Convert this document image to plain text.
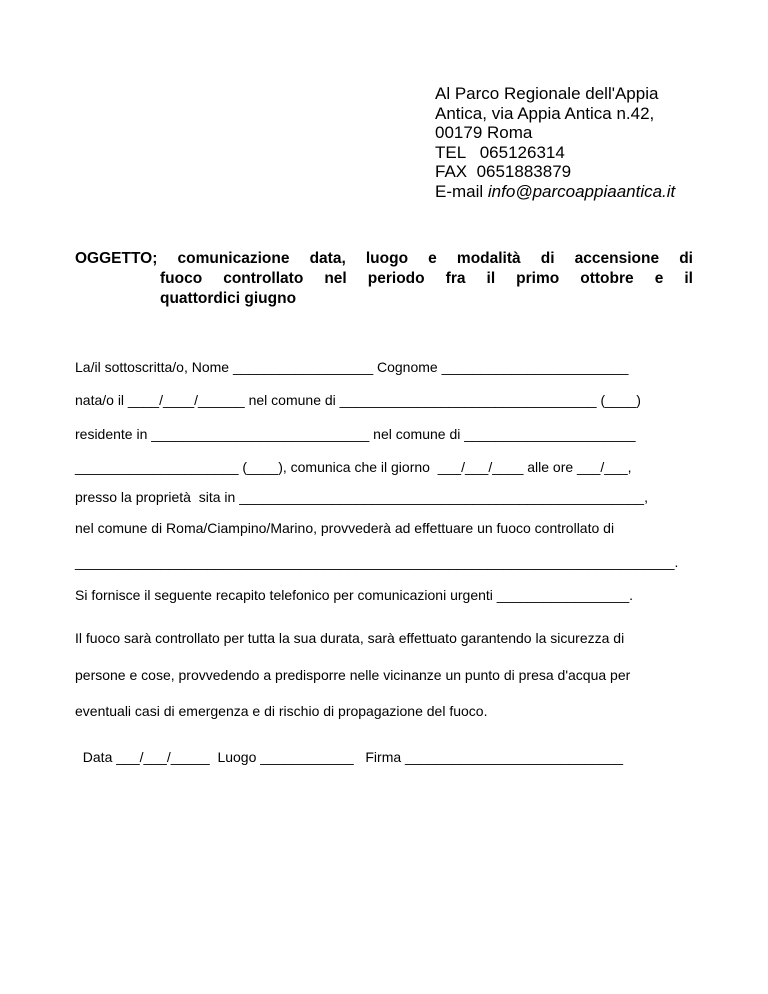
Al Parco Regionale dell'Appia
Antica, via Appia Antica n.42,
00179 Roma
TEL   065126314
FAX  0651883879
E-mail info@parcoappiaantica.it
OGGETTO; comunicazione data, luogo e modalità di accensione di
fuoco controllato nel periodo fra il primo ottobre e il
quattordici giugno
La/il sottoscritta/o, Nome __________________ Cognome ________________________
nata/o il ____/____/______ nel comune di _________________________________ (____)
residente in ____________________________ nel comune di ______________________
_____________________ (____), comunica che il giorno  ___/___/____ alle ore ___/___,
presso la proprietà  sita in ____________________________________________________,
nel comune di Roma/Ciampino/Marino, provvederà ad effettuare un fuoco controllato di
_____________________________________________________________________________.
Si fornisce il seguente recapito telefonico per comunicazioni urgenti _________________.
Il fuoco sarà controllato per tutta la sua durata, sarà effettuato garantendo la sicurezza di
persone e cose, provvedendo a predisporre nelle vicinanze un punto di presa d'acqua per
eventuali casi di emergenza e di rischio di propagazione del fuoco.
Data ___/___/_____  Luogo ____________   Firma ____________________________
